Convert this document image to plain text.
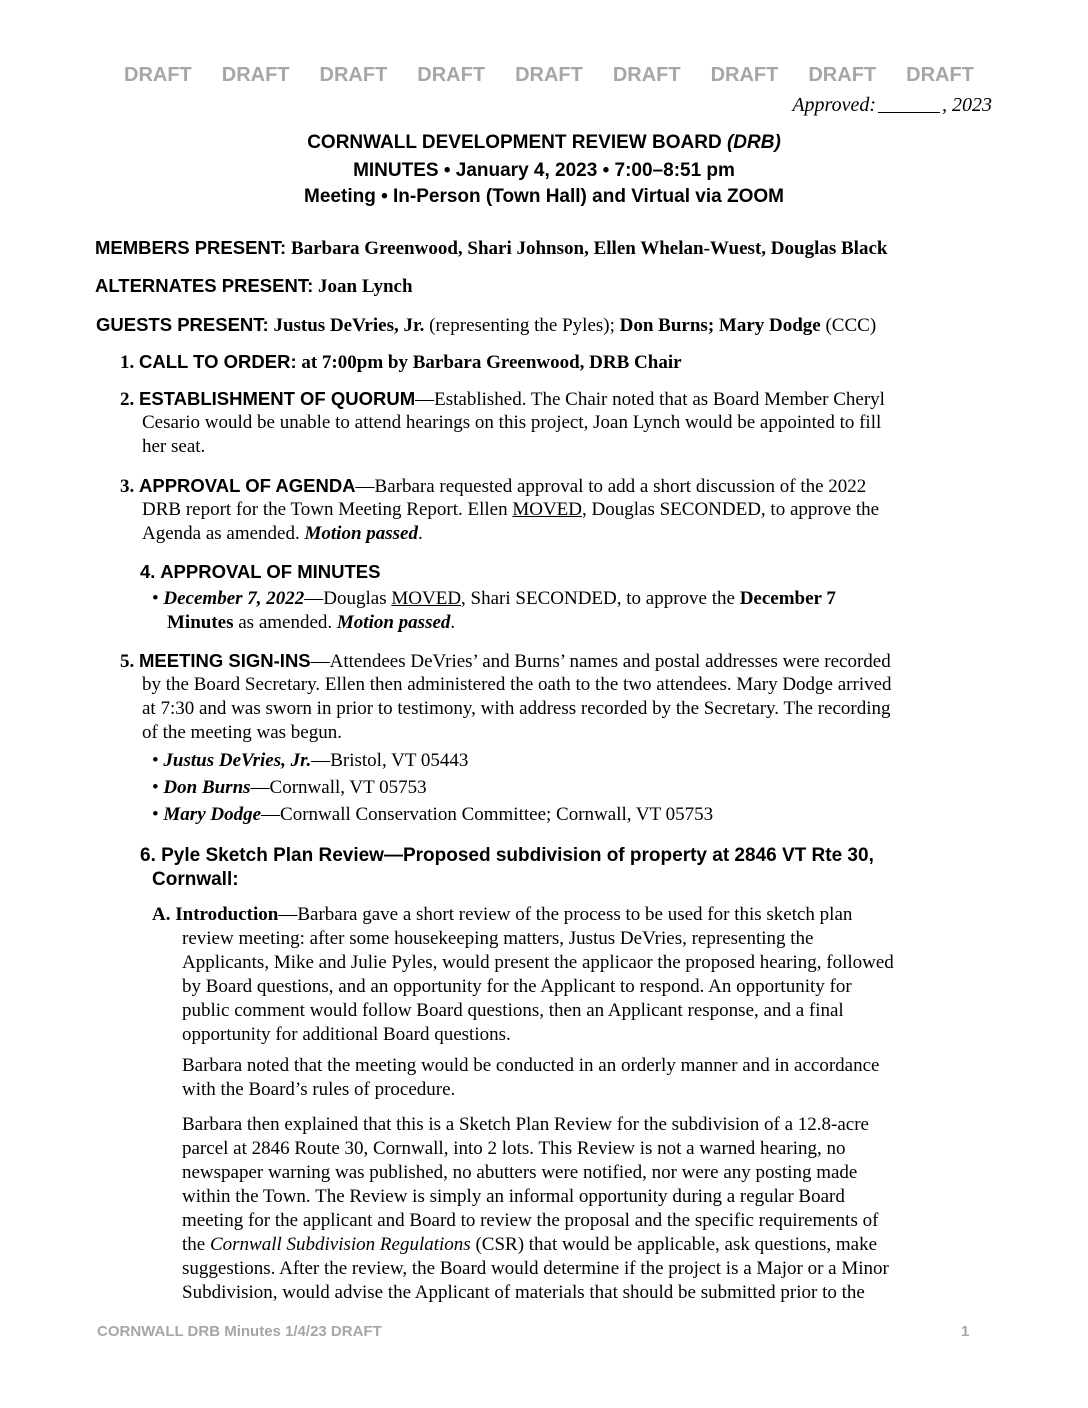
DRAFT DRAFT DRAFT DRAFT DRAFT DRAFT DRAFT DRAFT DRAFT
Approved:	, 2023
CORNWALL DEVELOPMENT REVIEW BOARD (DRB)
MINUTES • January 4, 2023 • 7:00–8:51 pm
Meeting • In-Person (Town Hall) and Virtual via ZOOM
MEMBERS PRESENT: Barbara Greenwood, Shari Johnson, Ellen Whelan-Wuest, Douglas Black
ALTERNATES PRESENT: Joan Lynch
GUESTS PRESENT: Justus DeVries, Jr. (representing the Pyles); Don Burns; Mary Dodge (CCC)
1. CALL TO ORDER: at 7:00pm by Barbara Greenwood, DRB Chair
2. ESTABLISHMENT OF QUORUM—Established. The Chair noted that as Board Member Cheryl
Cesario would be unable to attend hearings on this project, Joan Lynch would be appointed to fill
her seat.
3. APPROVAL OF AGENDA—Barbara requested approval to add a short discussion of the 2022
DRB report for the Town Meeting Report. Ellen MOVED, Douglas SECONDED, to approve the
Agenda as amended. Motion passed.
4. APPROVAL OF MINUTES
• December 7, 2022—Douglas MOVED, Shari SECONDED, to approve the December 7
Minutes as amended. Motion passed.
5. MEETING SIGN-INS—Attendees DeVries’ and Burns’ names and postal addresses were recorded
by the Board Secretary. Ellen then administered the oath to the two attendees. Mary Dodge arrived
at 7:30 and was sworn in prior to testimony, with address recorded by the Secretary. The recording
of the meeting was begun.
• Justus DeVries, Jr.—Bristol, VT 05443
• Don Burns—Cornwall, VT 05753
• Mary Dodge—Cornwall Conservation Committee; Cornwall, VT 05753
6. Pyle Sketch Plan Review—Proposed subdivision of property at 2846 VT Rte 30,
Cornwall:
A. Introduction—Barbara gave a short review of the process to be used for this sketch plan
review meeting: after some housekeeping matters, Justus DeVries, representing the
Applicants, Mike and Julie Pyles, would present the applicaor the proposed hearing, followed
by Board questions, and an opportunity for the Applicant to respond. An opportunity for
public comment would follow Board questions, then an Applicant response, and a final
opportunity for additional Board questions.
Barbara noted that the meeting would be conducted in an orderly manner and in accordance
with the Board’s rules of procedure.
Barbara then explained that this is a Sketch Plan Review for the subdivision of a 12.8-acre
parcel at 2846 Route 30, Cornwall, into 2 lots. This Review is not a warned hearing, no
newspaper warning was published, no abutters were notified, nor were any posting made
within the Town. The Review is simply an informal opportunity during a regular Board
meeting for the applicant and Board to review the proposal and the specific requirements of
the Cornwall Subdivision Regulations (CSR) that would be applicable, ask questions, make
suggestions. After the review, the Board would determine if the project is a Major or a Minor
Subdivision, would advise the Applicant of materials that should be submitted prior to the
CORNWALL DRB Minutes 1/4/23 DRAFT	1
